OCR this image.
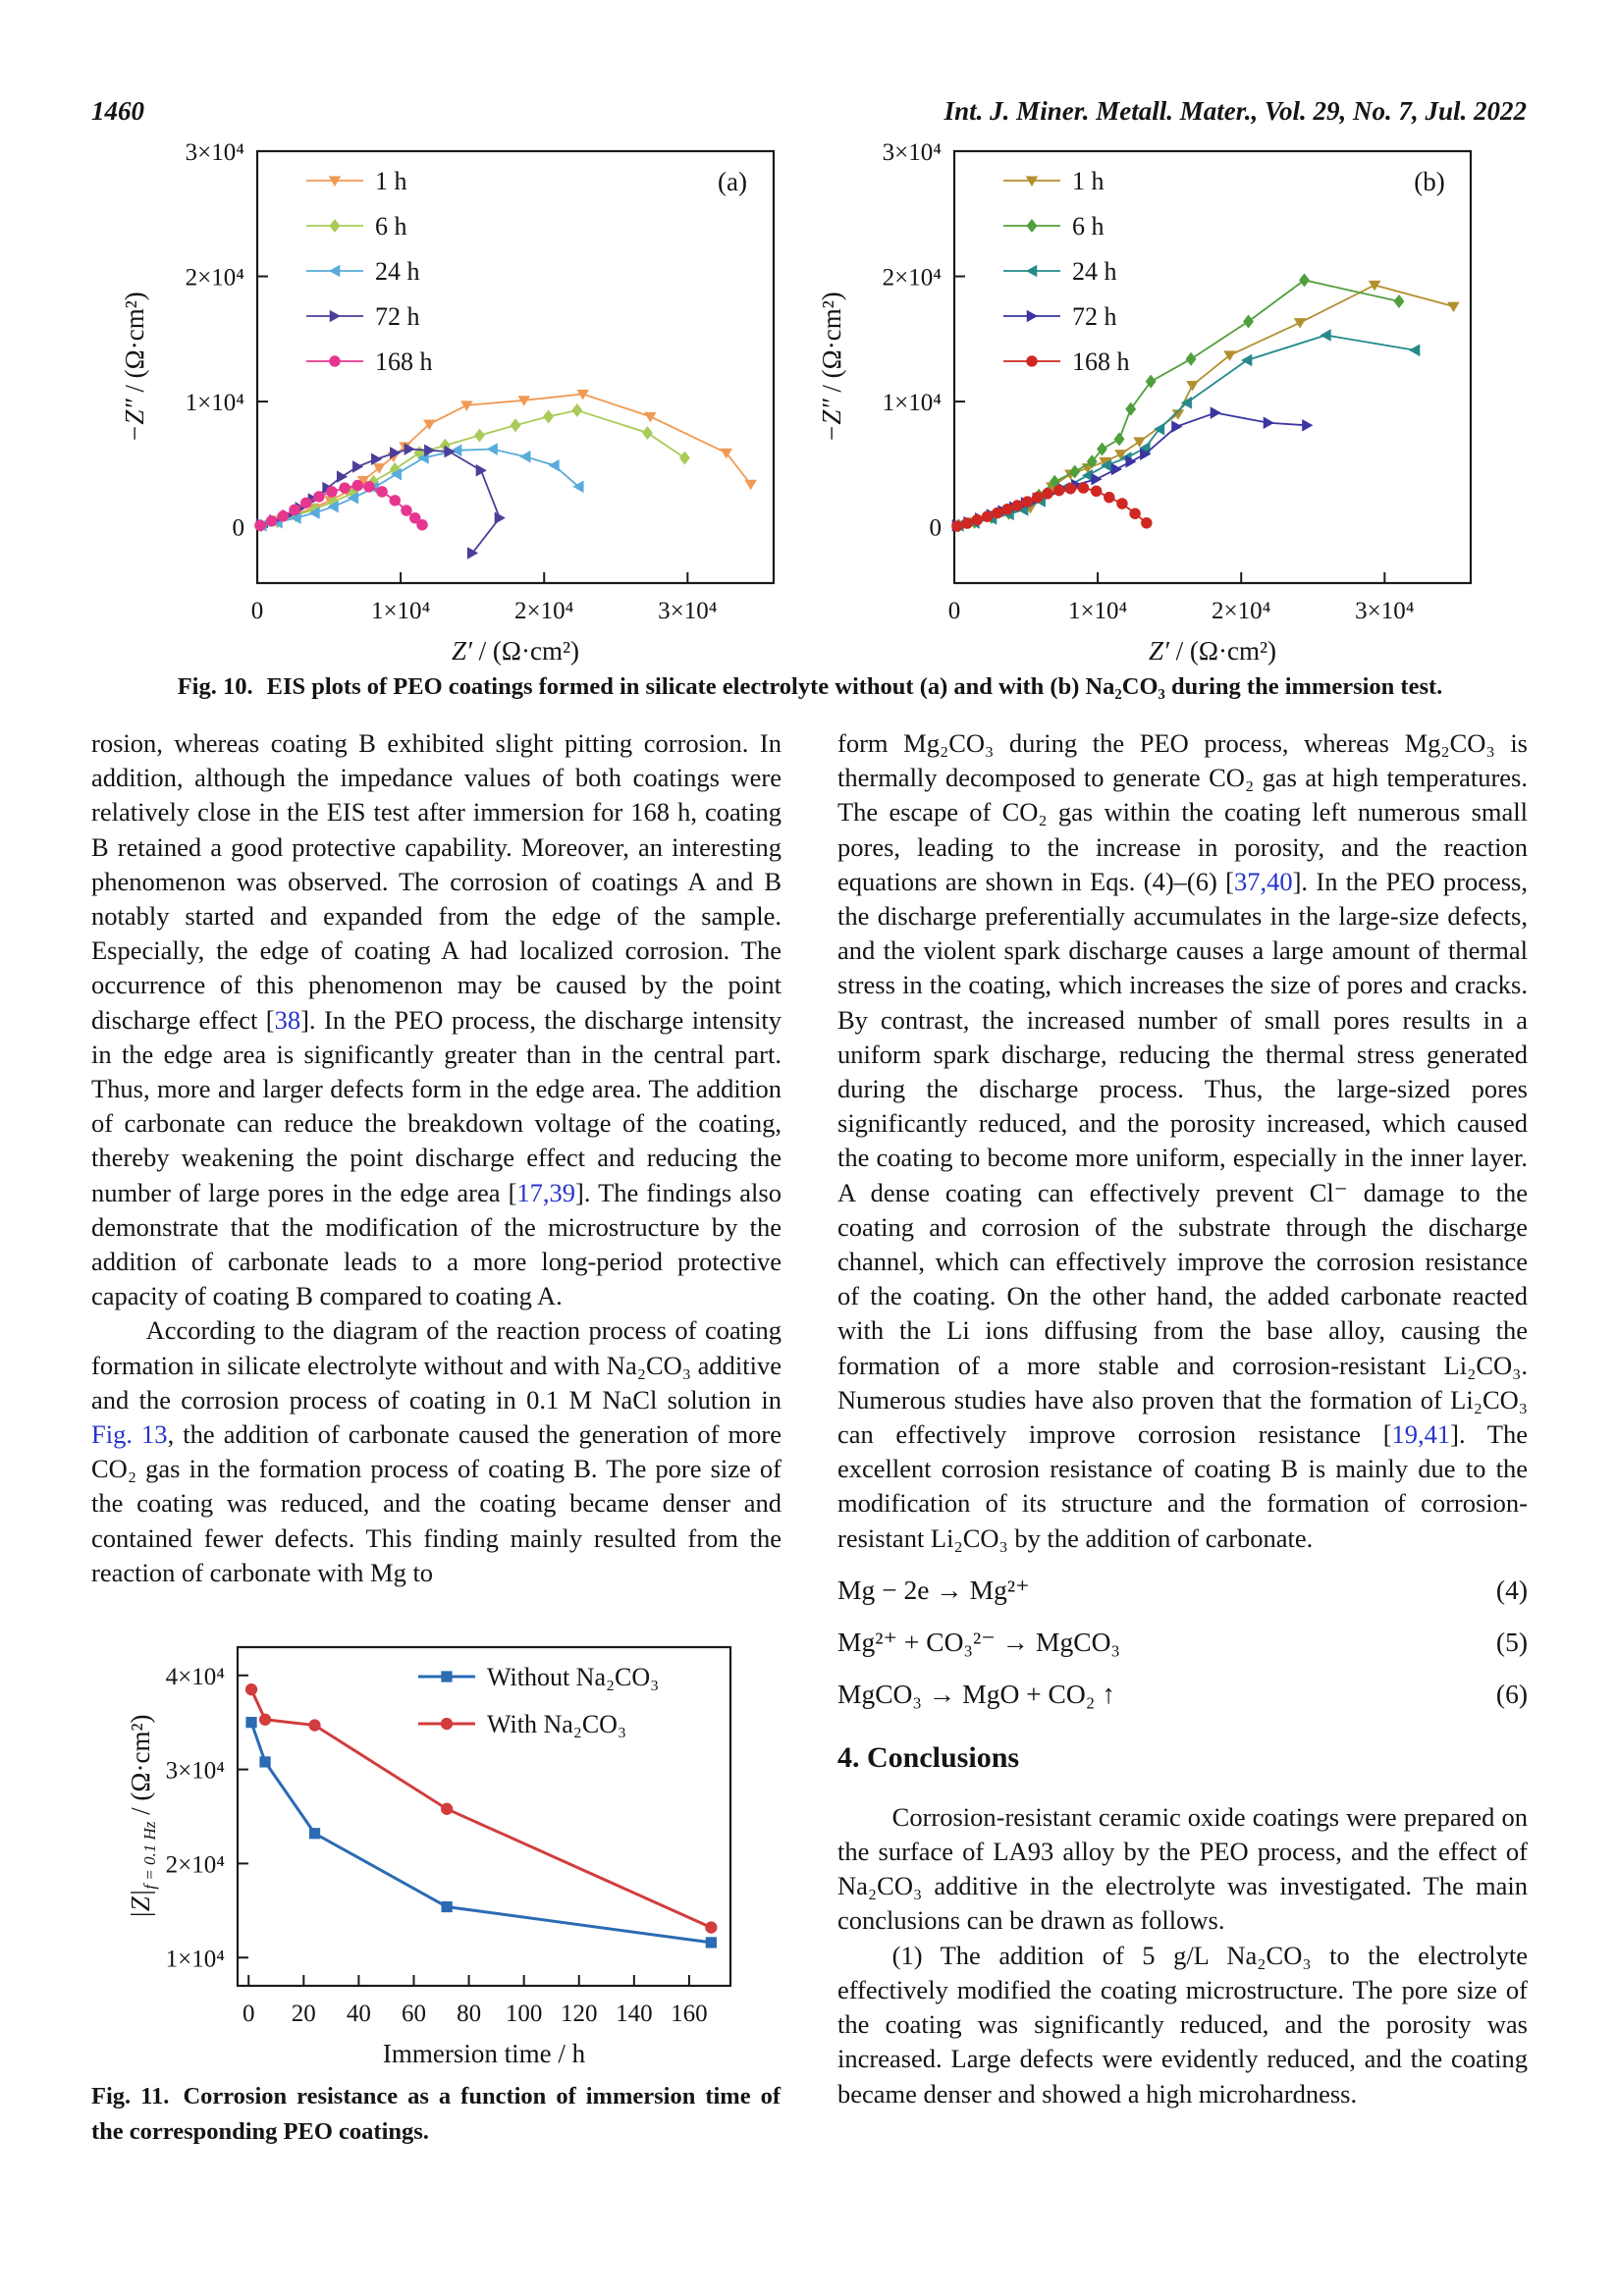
1460	Int. J. Miner. Metall. Mater., Vol. 29, No. 7, Jul. 2022
0	1×10⁴	2×10⁴	3×10⁴
0
1×10⁴
2×10⁴
3×10⁴
Z′ / (Ω·cm²)
−Z″ / (Ω·cm²)
(a)
1 h
6 h
24 h
72 h
168 h
0	1×10⁴	2×10⁴	3×10⁴
0
1×10⁴
2×10⁴
3×10⁴
Z′ / (Ω·cm²)
−Z″ / (Ω·cm²)
(b)
1 h
6 h
24 h
72 h
168 h
Fig. 10. EIS plots of PEO coatings formed in silicate electrolyte without (a) and with (b) Na₂CO₃ during the immersion test.

rosion, whereas coating B exhibited slight pitting corrosion. In addition, although the impedance values of both coatings were relatively close in the EIS test after immersion for 168 h, coating B retained a good protective capability. Moreover, an interesting phenomenon was observed. The corrosion of coatings A and B notably started and expanded from the edge of the sample. Especially, the edge of coating A had localized corrosion. The occurrence of this phenomenon may be caused by the point discharge effect [38]. In the PEO process, the discharge intensity in the edge area is significantly greater than in the central part. Thus, more and larger defects form in the edge area. The addition of carbonate can reduce the breakdown voltage of the coating, thereby weakening the point discharge effect and reducing the number of large pores in the edge area [17,39]. The findings also demonstrate that the modification of the microstructure by the addition of carbonate leads to a more long-period protective capacity of coating B compared to coating A.

According to the diagram of the reaction process of coating formation in silicate electrolyte without and with Na₂CO₃ additive and the corrosion process of coating in 0.1 M NaCl solution in Fig. 13, the addition of carbonate caused the generation of more CO₂ gas in the formation process of coating B. The pore size of the coating was reduced, and the coating became denser and contained fewer defects. This finding mainly resulted from the reaction of carbonate with Mg to

form Mg₂CO₃ during the PEO process, whereas Mg₂CO₃ is thermally decomposed to generate CO₂ gas at high temperatures. The escape of CO₂ gas within the coating left numerous small pores, leading to the increase in porosity, and the reaction equations are shown in Eqs. (4)–(6) [37,40]. In the PEO process, the discharge preferentially accumulates in the large-size defects, and the violent spark discharge causes a large amount of thermal stress in the coating, which increases the size of pores and cracks. By contrast, the increased number of small pores results in a uniform spark discharge, reducing the thermal stress generated during the discharge process. Thus, the large-sized pores significantly reduced, and the porosity increased, which caused the coating to become more uniform, especially in the inner layer. A dense coating can effectively prevent Cl⁻ damage to the coating and corrosion of the substrate through the discharge channel, which can effectively improve the corrosion resistance of the coating. On the other hand, the added carbonate reacted with the Li ions diffusing from the base alloy, causing the formation of a more stable and corrosion-resistant Li₂CO₃. Numerous studies have also proven that the formation of Li₂CO₃ can effectively improve corrosion resistance [19,41]. The excellent corrosion resistance of coating B is mainly due to the modification of its structure and the formation of corrosion-resistant Li₂CO₃ by the addition of carbonate.

Mg − 2e → Mg²⁺	(4)
Mg²⁺ + CO₃²⁻ → MgCO₃	(5)
MgCO₃ → MgO + CO₂ ↑	(6)
4. Conclusions

Corrosion-resistant ceramic oxide coatings were prepared on the surface of LA93 alloy by the PEO process, and the effect of Na₂CO₃ additive in the electrolyte was investigated. The main conclusions can be drawn as follows.

(1) The addition of 5 g/L Na₂CO₃ to the electrolyte effectively modified the coating microstructure. The pore size of the coating was significantly reduced, and the porosity was increased. Large defects were evidently reduced, and the coating became denser and showed a high microhardness.

0 20 40 60 80 100 120 140 160
1×10⁴
2×10⁴
3×10⁴
4×10⁴
Immersion time / h
$|Z|_{f = 0.1 Hz} / (\Omega\cdot cm^2)$
Without Na₂CO₃
With Na₂CO₃
Fig. 11. Corrosion resistance as a function of immersion time of the corresponding PEO coatings.
